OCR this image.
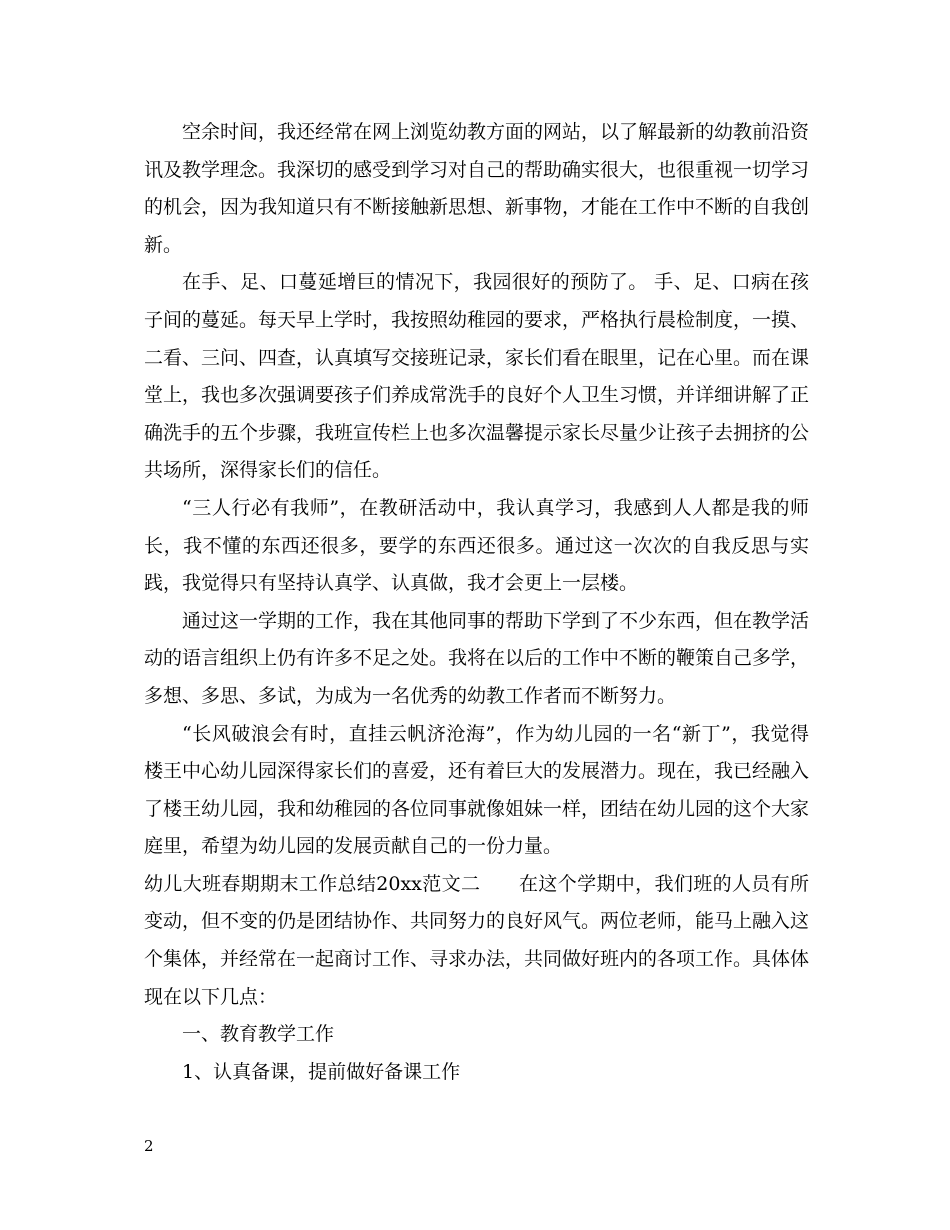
空余时间，我还经常在网上浏览幼教方面的网站，以了解最新的幼教前沿资讯及教学理念。我深切的感受到学习对自己的帮助确实很大，也很重视一切学习的机会，因为我知道只有不断接触新思想、新事物，才能在工作中不断的自我创新。

在手、足、口蔓延增巨的情况下，我园很好的预防了。 手、足、口病在孩子间的蔓延。每天早上学时，我按照幼稚园的要求，严格执行晨检制度，一摸、二看、三问、四查，认真填写交接班记录，家长们看在眼里，记在心里。而在课堂上，我也多次强调要孩子们养成常洗手的良好个人卫生习惯，并详细讲解了正确洗手的五个步骤，我班宣传栏上也多次温馨提示家长尽量少让孩子去拥挤的公共场所，深得家长们的信任。

“三人行必有我师”，在教研活动中，我认真学习，我感到人人都是我的师长，我不懂的东西还很多，要学的东西还很多。通过这一次次的自我反思与实践，我觉得只有坚持认真学、认真做，我才会更上一层楼。

通过这一学期的工作，我在其他同事的帮助下学到了不少东西，但在教学活动的语言组织上仍有许多不足之处。我将在以后的工作中不断的鞭策自己多学，多想、多思、多试，为成为一名优秀的幼教工作者而不断努力。

“长风破浪会有时，直挂云帆济沧海”，作为幼儿园的一名“新丁”，我觉得楼王中心幼儿园深得家长们的喜爱，还有着巨大的发展潜力。现在，我已经融入了楼王幼儿园，我和幼稚园的各位同事就像姐妹一样，团结在幼儿园的这个大家庭里，希望为幼儿园的发展贡献自己的一份力量。

幼儿大班春期期末工作总结20xx范文二　　在这个学期中，我们班的人员有所变动，但不变的仍是团结协作、共同努力的良好风气。两位老师，能马上融入这个集体，并经常在一起商讨工作、寻求办法，共同做好班内的各项工作。具体体现在以下几点：

一、教育教学工作

1、认真备课，提前做好备课工作

2
